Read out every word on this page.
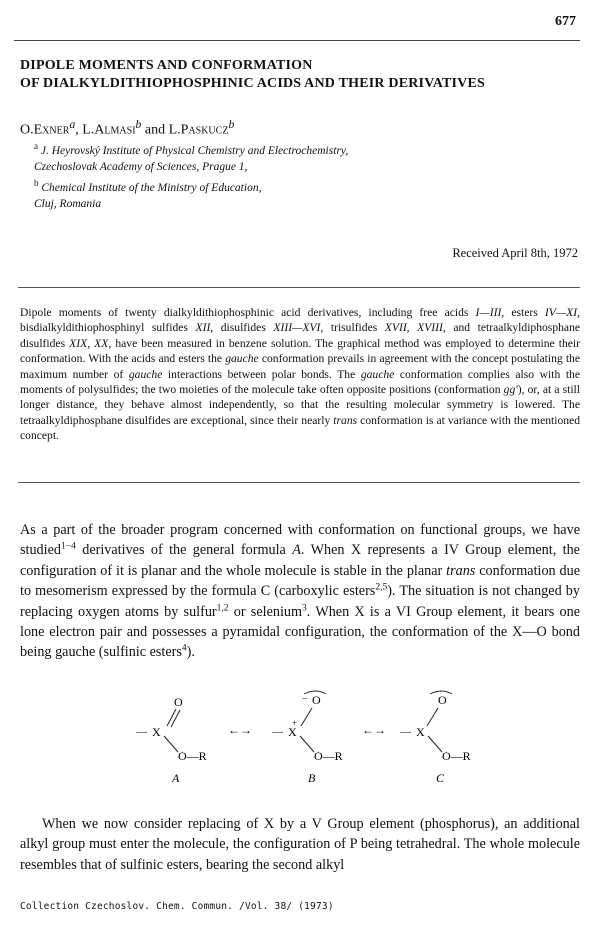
677
DIPOLE MOMENTS AND CONFORMATION
OF DIALKYLDITHIOPHOSPHINIC ACIDS AND THEIR DERIVATIVES
O.Exner$^a$, L.Almasi$^b$ and L.Paskucz$^b$
$^a$ J. Heyrovský Institute of Physical Chemistry and Electrochemistry,
Czechoslovak Academy of Sciences, Prague 1,
$^b$ Chemical Institute of the Ministry of Education,
Cluj, Romania
Received April 8th, 1972
Dipole moments of twenty dialkyldithiophosphinic acid derivatives, including free acids I—III, esters IV—XI, bisdialkyldithiophosphinyl sulfides XII, disulfides XIII—XVI, trisulfides XVII, XVIII, and tetraalkyldiphosphane disulfides XIX, XX, have been measured in benzene solution. The graphical method was employed to determine their conformation. With the acids and esters the gauche conformation prevails in agreement with the concept postulating the maximum number of gauche interactions between polar bonds. The gauche conformation complies also with the moments of polysulfides; the two moieties of the molecule take often opposite positions (conformation gg'), or, at a still longer distance, they behave almost independently, so that the resulting molecular symmetry is lowered. The tetraalkyldiphosphane disulfides are exceptional, since their nearly trans conformation is at variance with the mentioned concept.
As a part of the broader program concerned with conformation on functional groups, we have studied$^{1-4}$ derivatives of the general formula A. When X represents a IV Group element, the configuration of it is planar and the whole molecule is stable in the planar trans conformation due to mesomerism expressed by the formula C (carboxylic esters$^{2,5}$). The situation is not changed by replacing oxygen atoms by sulfur$^{1,2}$ or selenium$^3$. When X is a VI Group element, it bears one lone electron pair and possesses a pyramidal configuration, the conformation of the X—O bond being gauche (sulfinic esters$^4$).
O
— X
O—R
A
←→
O
−
— X
+
O—R
B
←→
O
— X
O—R
C
When we now consider replacing of X by a V Group element (phosphorus), an additional alkyl group must enter the molecule, the configuration of P being tetrahedral. The whole molecule resembles that of sulfinic esters, bearing the second alkyl
Collection Czechoslov. Chem. Commun. /Vol. 38/ (1973)
